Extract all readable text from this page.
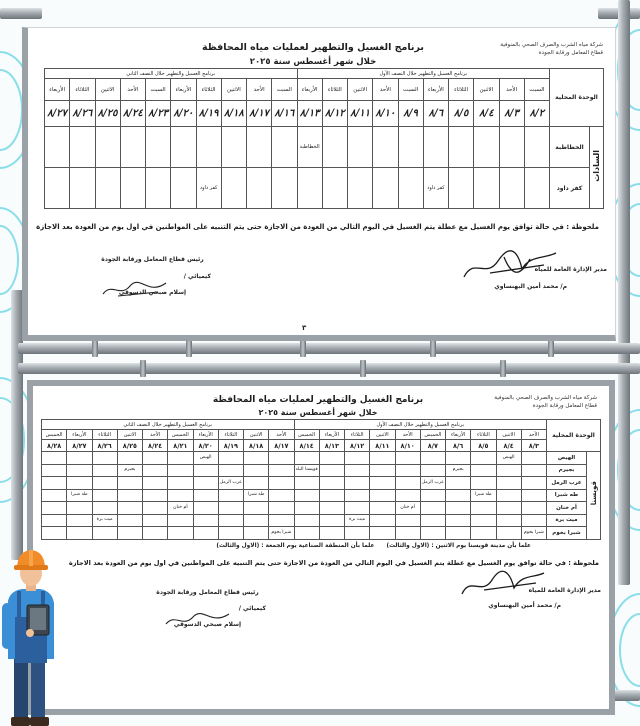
شركة مياه الشرب والصرف الصحي بالمنوفية
قطاع المعامل ورقابة الجودة
برنامج الغسيل والتطهير لعمليات مياه المحافظة
خلال شهر أغسطس سنة ٢٠٢٥
الوحدة المحلية		برنامج الغسيل والتطهير خلال النصف الأول										برنامج الغسيل والتطهير خلال النصف الثاني									
		السبت	الأحد	الاثنين	الثلاثاء	الأربعاء	السبت	الأحد	الاثنين	الثلاثاء	الأربعاء	السبت	الأحد	الاثنين	الثلاثاء	الأربعاء	السبت	الأحد	الاثنين	الثلاثاء	الأربعاء
		٨/٢	٨/٣	٨/٤	٨/٥	٨/٦	٨/٩	٨/١٠	٨/١١	٨/١٢	٨/١٣	٨/١٦	٨/١٧	٨/١٨	٨/١٩	٨/٢٠	٨/٢٣	٨/٢٤	٨/٢٥	٨/٢٦	٨/٢٧
السادات	الخطاطبة										الخطاطبة										
	كفر داود					كفر داود									كفر داود						
ملحوظة : في حالة توافق يوم الغسيل مع عطلة يتم الغسيل في اليوم التالي من العودة من الاجازة حتى يتم التنبيه على المواطنين في اول يوم من العودة بعد الاجازة
رئيس قطاع المعامل ورقابة الجودة
كيميائي /
إسلام صبحي الدسوقي
مدير الإدارة العامة للمياه
م/ محمد أمين البهنساوي
٣
شركة مياه الشرب والصرف الصحي بالمنوفية
قطاع المعامل ورقابة الجودة
برنامج الغسيل والتطهير لعمليات مياه المحافظة
خلال شهر أغسطس سنة ٢٠٢٥
الوحدة المحلية		برنامج الغسيل والتطهير خلال النصف الأول										برنامج الغسيل والتطهير خلال النصف الثاني									
		الأحد	الاثنين	الثلاثاء	الأربعاء	الخميس	الأحد	الاثنين	الثلاثاء	الأربعاء	الخميس	الأحد	الاثنين	الثلاثاء	الأربعاء	الخميس	الأحد	الاثنين	الثلاثاء	الأربعاء	الخميس
		٨/٣	٨/٤	٨/٥	٨/٦	٨/٧	٨/١٠	٨/١١	٨/١٢	٨/١٣	٨/١٤	٨/١٧	٨/١٨	٨/١٩	٨/٢٠	٨/٢١	٨/٢٤	٨/٢٥	٨/٢٦	٨/٢٧	٨/٢٨
قويسنا	الهيص		الهيص												الهيص						
	بجيرم				بجيرم						قويسنا البلد							بجيرم			
	عرب الرمل					عرب الرمل								عرب الرمل							
	طه شبرا			طه شبرا									طه شبرا							طه شبرا	
	أم خنان						أم خنان									أم خنان					
	ميت برة								ميت برة										ميت برة		
	شبرا بخوم	شبرا بخوم										شبرا بخوم									
علما بأن مدينة قويسنا يوم الاثنين : (الاول والثالث)
علما بأن المنطقة الصناعية يوم الجمعة : (الاول والثالث)
ملحوظة : في حالة توافق يوم الغسيل مع عطلة يتم الغسيل في اليوم التالي من العودة من الاجازة حتى يتم التنبيه على المواطنين في اول يوم من العودة بعد الاجازة
مدير الإدارة العامة للمياه
م/ محمد أمين البهنساوي
رئيس قطاع المعامل ورقابة الجودة
كيميائي /
إسلام صبحي الدسوقي
